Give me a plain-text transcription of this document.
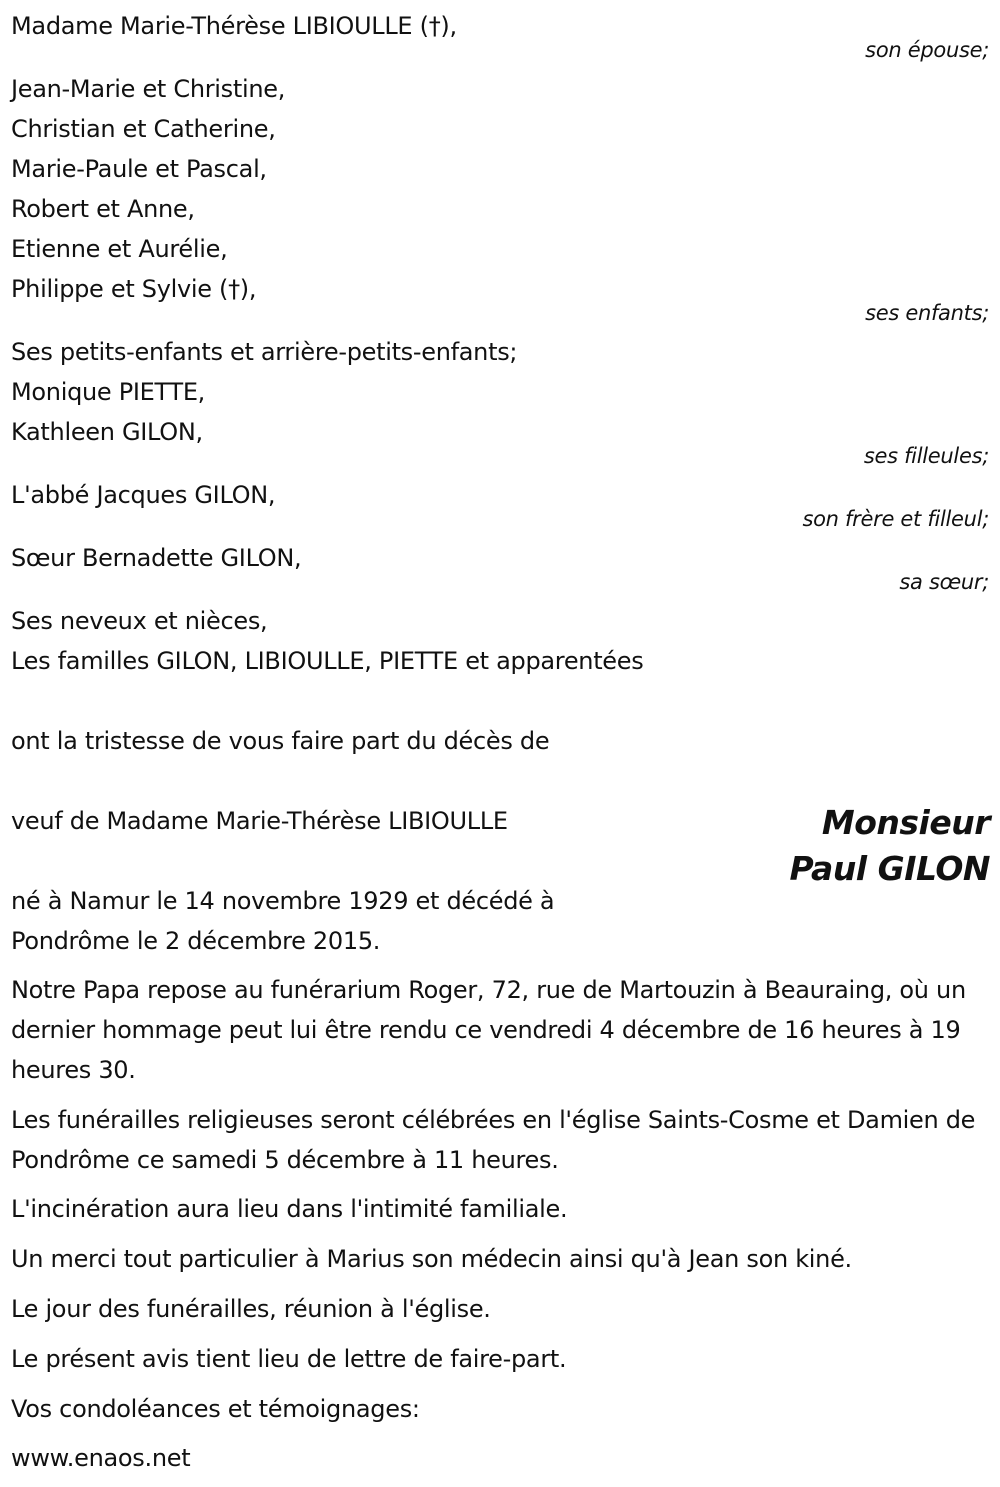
Madame Marie-Thérèse LIBIOULLE (†),
Jean-Marie et Christine,
Christian et Catherine,
Marie-Paule et Pascal,
Robert et Anne,
Etienne et Aurélie,
Philippe et Sylvie (†),
Ses petits-enfants et arrière-petits-enfants;
Monique PIETTE,
Kathleen GILON,
L'abbé Jacques GILON,
Sœur Bernadette GILON,
Ses neveux et nièces,
Les familles GILON, LIBIOULLE, PIETTE et apparentées
son épouse;
ses enfants;
ses filleules;
son frère et filleul;
sa sœur;
ont la tristesse de vous faire part du décès de
veuf de Madame Marie-Thérèse LIBIOULLE	Monsieur
Paul GILON
né à Namur le 14 novembre 1929 et décédé à
Pondrôme le 2 décembre 2015.
Notre Papa repose au funérarium Roger, 72, rue de Martouzin à Beauraing, où un dernier hommage peut lui être rendu ce vendredi 4 décembre de 16 heures à 19 heures 30.
Les funérailles religieuses seront célébrées en l'église Saints-Cosme et Damien de Pondrôme ce samedi 5 décembre à 11 heures.
L'incinération aura lieu dans l'intimité familiale.
Un merci tout particulier à Marius son médecin ainsi qu'à Jean son kiné.
Le jour des funérailles, réunion à l'église.
Le présent avis tient lieu de lettre de faire-part.
Vos condoléances et témoignages:
www.enaos.net
